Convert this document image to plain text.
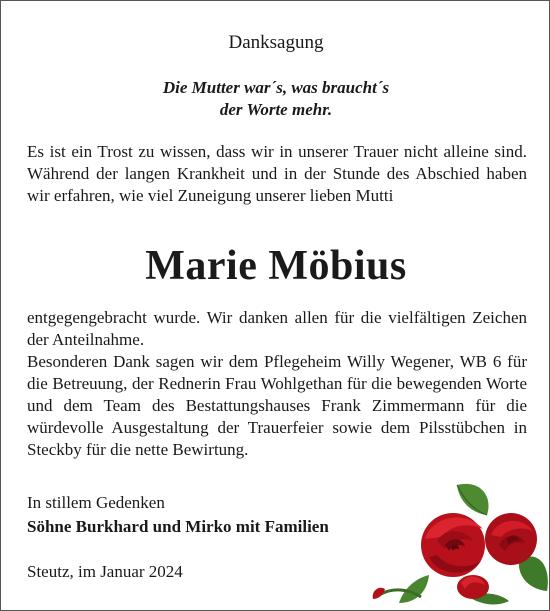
Danksagung
Die Mutter war´s, was braucht´s
der Worte mehr.

Es ist ein Trost zu wissen, dass wir in unserer Trauer nicht alleine sind. Während der langen Krankheit und in der Stunde des Abschied haben wir erfahren, wie viel Zuneigung unserer lieben Mutti

Marie Möbius

entgegengebracht wurde. Wir danken allen für die vielfältigen Zeichen der Anteilnahme.

Besonderen Dank sagen wir dem Pflegeheim Willy Wegener, WB 6 für die Betreuung, der Rednerin Frau Wohlgethan für die bewegenden Worte und dem Team des Bestattungshauses Frank Zimmermann für die würdevolle Ausgestaltung der Trauerfeier sowie dem Pilsstübchen in Steckby für die nette Bewirtung.

In stillem Gedenken
Söhne Burkhard und Mirko mit Familien
Steutz, im Januar 2024
